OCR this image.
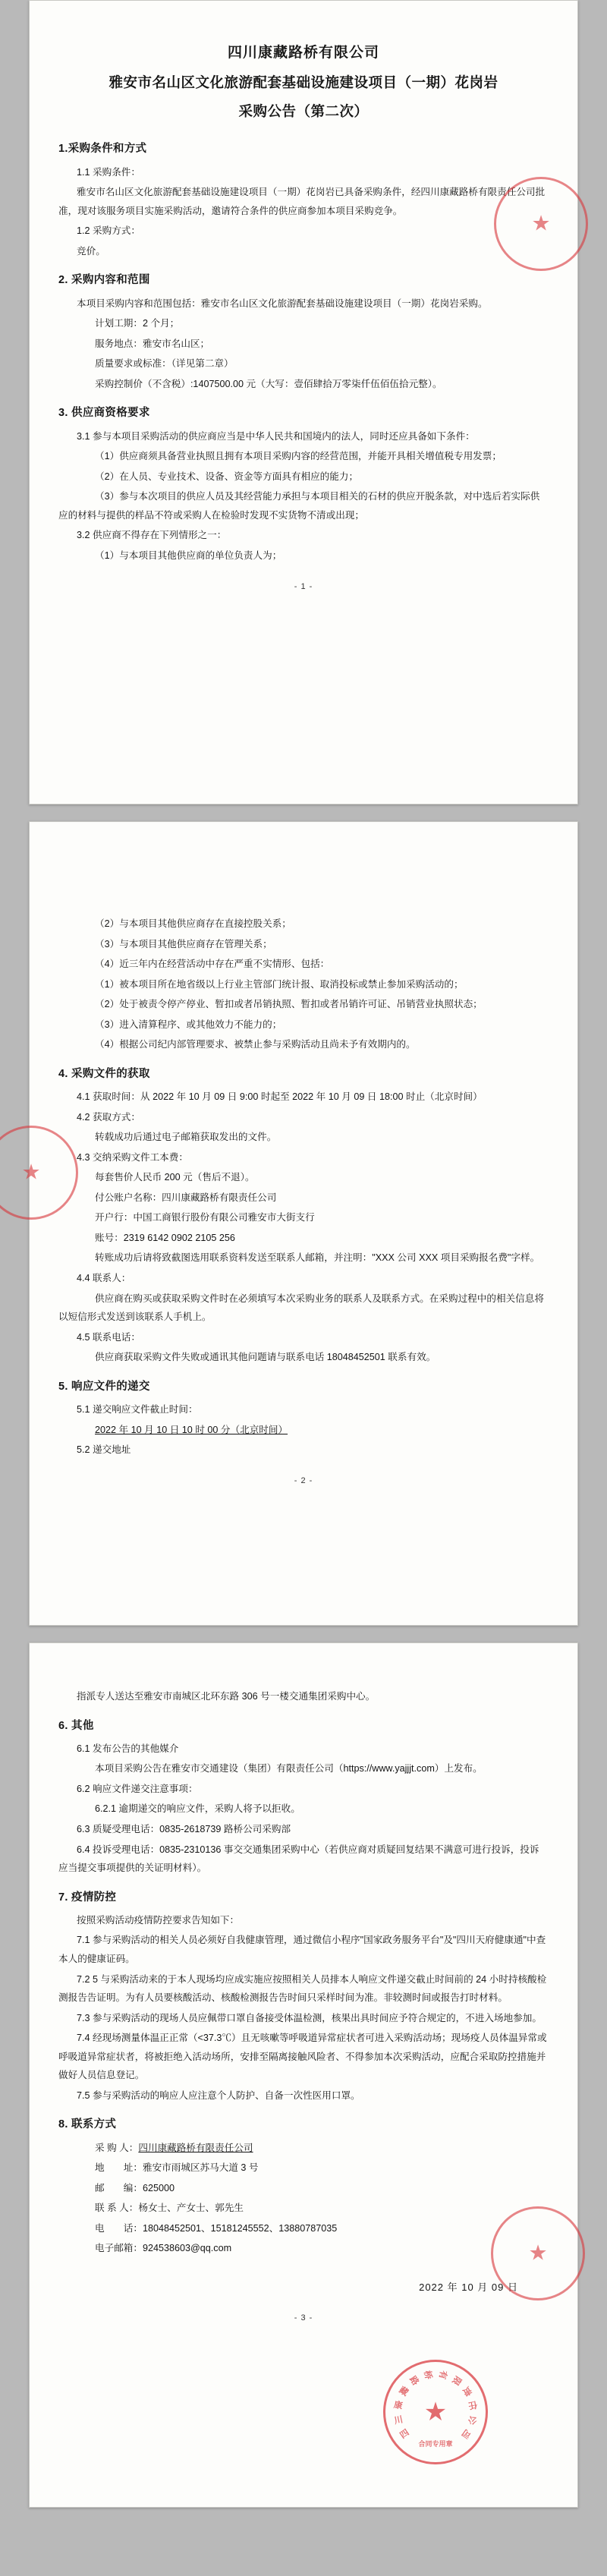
四川康藏路桥有限公司
雅安市名山区文化旅游配套基础设施建设项目（一期）花岗岩
采购公告（第二次）
1.采购条件和方式

1.1 采购条件：

雅安市名山区文化旅游配套基础设施建设项目（一期）花岗岩已具备采购条件，经四川康藏路桥有限责任公司批准，现对该服务项目实施采购活动，邀请符合条件的供应商参加本项目采购竞争。

1.2 采购方式：

竞价。

2. 采购内容和范围

本项目采购内容和范围包括：雅安市名山区文化旅游配套基础设施建设项目（一期）花岗岩采购。

计划工期：2 个月；

服务地点：雅安市名山区；

质量要求或标准：（详见第二章）

采购控制价（不含税）:1407500.00 元（大写：壹佰肆拾万零柒仟伍佰伍拾元整）。

3. 供应商资格要求

3.1 参与本项目采购活动的供应商应当是中华人民共和国境内的法人，同时还应具备如下条件：

（1）供应商须具备营业执照且拥有本项目采购内容的经营范围，并能开具相关增值税专用发票；

（2）在人员、专业技术、设备、资金等方面具有相应的能力；

（3）参与本次项目的供应人员及其经营能力承担与本项目相关的石材的供应开脱条款，对中选后若实际供应的材料与提供的样品不符或采购人在检验时发现不实货物不清或出现；

3.2 供应商不得存在下列情形之一：

（1）与本项目其他供应商的单位负责人为；

- 1 -
★

（2）与本项目其他供应商存在直接控股关系；

（3）与本项目其他供应商存在管理关系；

（4）近三年内在经营活动中存在严重不实情形、包括：

（1）被本项目所在地省级以上行业主管部门统计报、取消投标或禁止参加采购活动的；

（2）处于被责令停产停业、暂扣或者吊销执照、暂扣或者吊销许可证、吊销营业执照状态；

（3）进入清算程序、或其他效力不能力的；

（4）根据公司纪内部管理要求、被禁止参与采购活动且尚未予有效期内的。

4. 采购文件的获取

4.1 获取时间：从 2022 年 10 月 09 日 9:00 时起至 2022 年 10 月 09 日 18:00 时止（北京时间）

4.2 获取方式：

转载成功后通过电子邮箱获取发出的文件。

4.3 交纳采购文件工本费：

每套售价人民币 200 元（售后不退）。

付公账户名称：四川康藏路桥有限责任公司

开户行：中国工商银行股份有限公司雅安市大街支行

账号：2319 6142 0902 2105 256

转账成功后请将致截图选用联系资料发送至联系人邮箱，并注明："XXX 公司 XXX 项目采购报名费"字样。

4.4 联系人：

供应商在购买或获取采购文件时在必须填写本次采购业务的联系人及联系方式。在采购过程中的相关信息将以短信形式发送到该联系人手机上。

4.5 联系电话：

供应商获取采购文件失败或通讯其他问题请与联系电话 18048452501 联系有效。

5. 响应文件的递交

5.1 递交响应文件截止时间：

2022 年 10 月 10 日 10 时 00 分（北京时间）

5.2 递交地址

- 2 -
★

指派专人送达至雅安市南城区北环东路 306 号一楼交通集团采购中心。

6. 其他

6.1 发布公告的其他媒介

本项目采购公告在雅安市交通建设（集团）有限责任公司（https://www.yajjjt.com）上发布。

6.2 响应文件递交注意事项：

6.2.1 逾期递交的响应文件，采购人将予以拒收。

6.3 质疑受理电话：0835-2618739 路桥公司采购部

6.4 投诉受理电话：0835-2310136 事交交通集团采购中心（若供应商对质疑回复结果不满意可进行投诉，投诉应当提交事项提供的关证明材料）。

7. 疫情防控

按照采购活动疫情防控要求告知如下：

7.1 参与采购活动的相关人员必须好自我健康管理，通过微信小程序"国家政务服务平台"及"四川天府健康通"中查本人的健康证码。

7.2 5 与采购活动来的于本人现场均应成实施应按照相关人员排本人响应文件递交截止时间前的 24 小时持核酸检测报告告证明。为有人员要核酸活动、核酸检测报告告时间只采样时间为准。非较测时间或报告打时材料。

7.3 参与采购活动的现场人员应佩带口罩自备接受体温检测，核果出具时间应予符合规定的，不进入场地参加。

7.4 经现场测量体温正正常（<37.3℃）且无咳嗽等呼吸道异常症状者可进入采购活动场；现场疫人员体温异常或呼吸道异常症状者，将被拒绝入活动场所，安排至隔离接触风险者、不得参加本次采购活动，应配合采取防控措施并做好人员信息登记。

7.5 参与采购活动的响应人应注意个人防护、自备一次性医用口罩。

8. 联系方式

采 购 人：四川康藏路桥有限责任公司

地　　址：雅安市雨城区苏马大道 3 号

邮　　编：625000

联 系 人：杨女士、产女士、郭先生

电　　话：18048452501、15181245552、13880787035

电子邮箱：924538603@qq.com

2022 年 10 月 09 日
- 3 -
★
★
合同专用章
四
川
康
藏
路 桥 有 限
责
任
公
司
